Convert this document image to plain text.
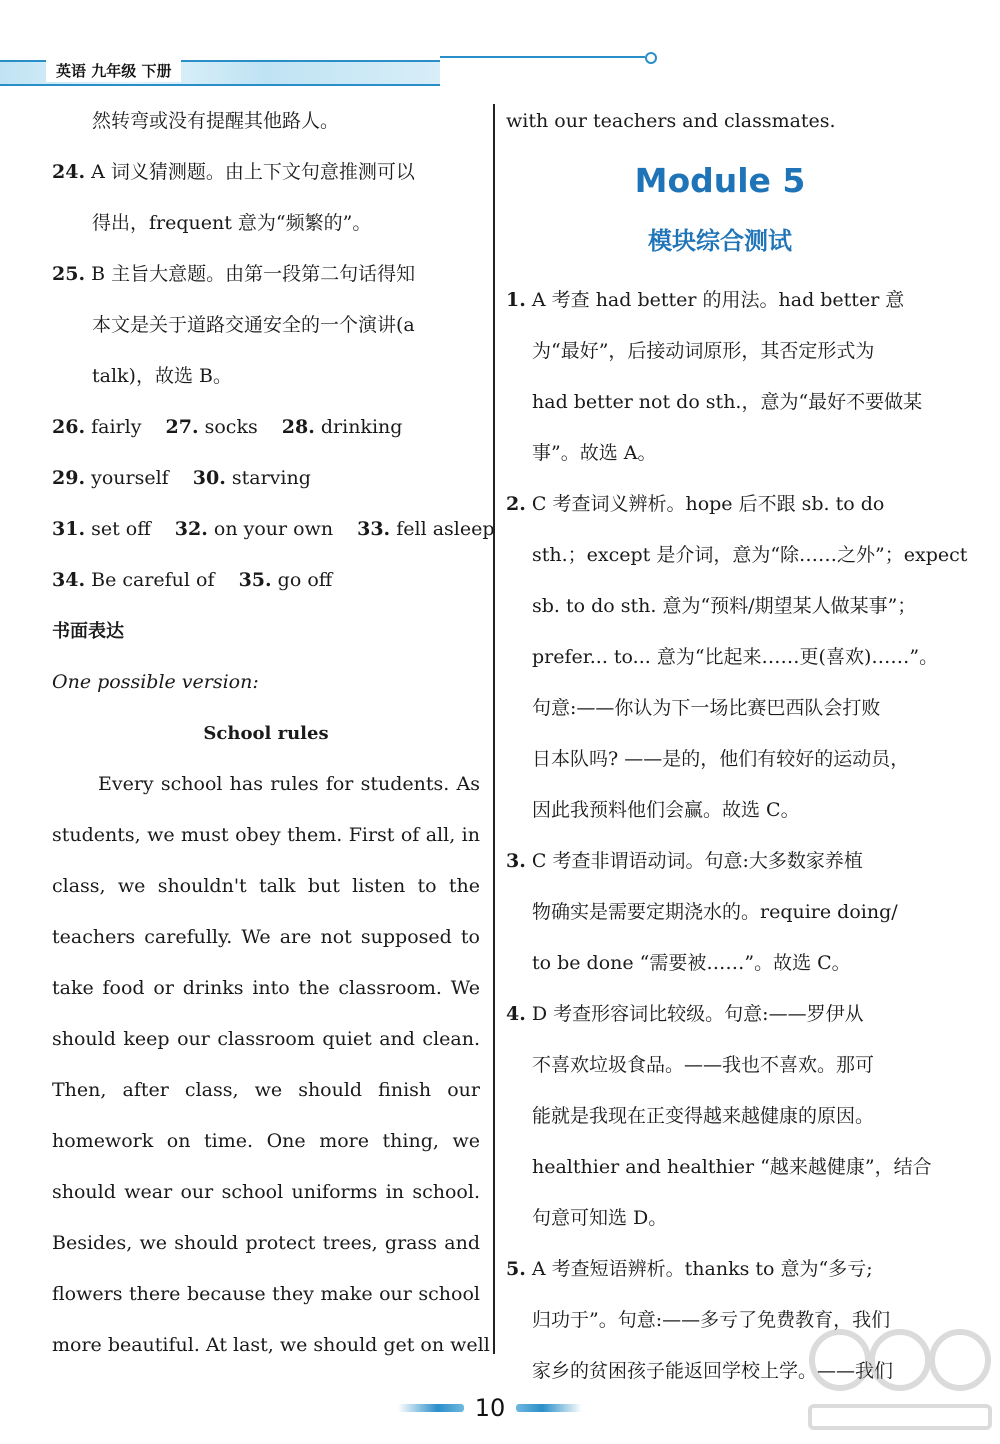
英语 九年级 下册
然转弯或没有提醒其他路人。
24. A 词义猜测题。由上下文句意推测可以
得出，frequent 意为“频繁的”。
25. B 主旨大意题。由第一段第二句话得知
本文是关于道路交通安全的一个演讲(a
talk)，故选 B。
26. fairly 27. socks 28. drinking
29. yourself 30. starving
31. set off 32. on your own 33. fell asleep
34. Be careful of 35. go off
书面表达
One possible version:
School rules
Every school has rules for students. As
students, we must obey them. First of all, in
class, we shouldn't talk but listen to the
teachers carefully. We are not supposed to
take food or drinks into the classroom. We
should keep our classroom quiet and clean.
Then, after class, we should finish our
homework on time. One more thing, we
should wear our school uniforms in school.
Besides, we should protect trees, grass and
flowers there because they make our school
more beautiful. At last, we should get on well
with our teachers and classmates.
Module 5
模块综合测试
1. A 考查 had better 的用法。had better 意
为“最好”，后接动词原形，其否定形式为
had better not do sth.，意为“最好不要做某
事”。故选 A。
2. C 考查词义辨析。hope 后不跟 sb. to do
sth.；except 是介词，意为“除……之外”；expect
sb. to do sth. 意为“预料/期望某人做某事”；
prefer... to... 意为“比起来……更(喜欢)……”。
句意:——你认为下一场比赛巴西队会打败
日本队吗? ——是的，他们有较好的运动员，
因此我预料他们会赢。故选 C。
3. C 考查非谓语动词。句意:大多数家养植
物确实是需要定期浇水的。require doing/
to be done “需要被……”。故选 C。
4. D 考查形容词比较级。句意:——罗伊从
不喜欢垃圾食品。——我也不喜欢。那可
能就是我现在正变得越来越健康的原因。
healthier and healthier “越来越健康”，结合
句意可知选 D。
5. A 考查短语辨析。thanks to 意为“多亏;
归功于”。句意:——多亏了免费教育，我们
家乡的贫困孩子能返回学校上学。——我们
10
